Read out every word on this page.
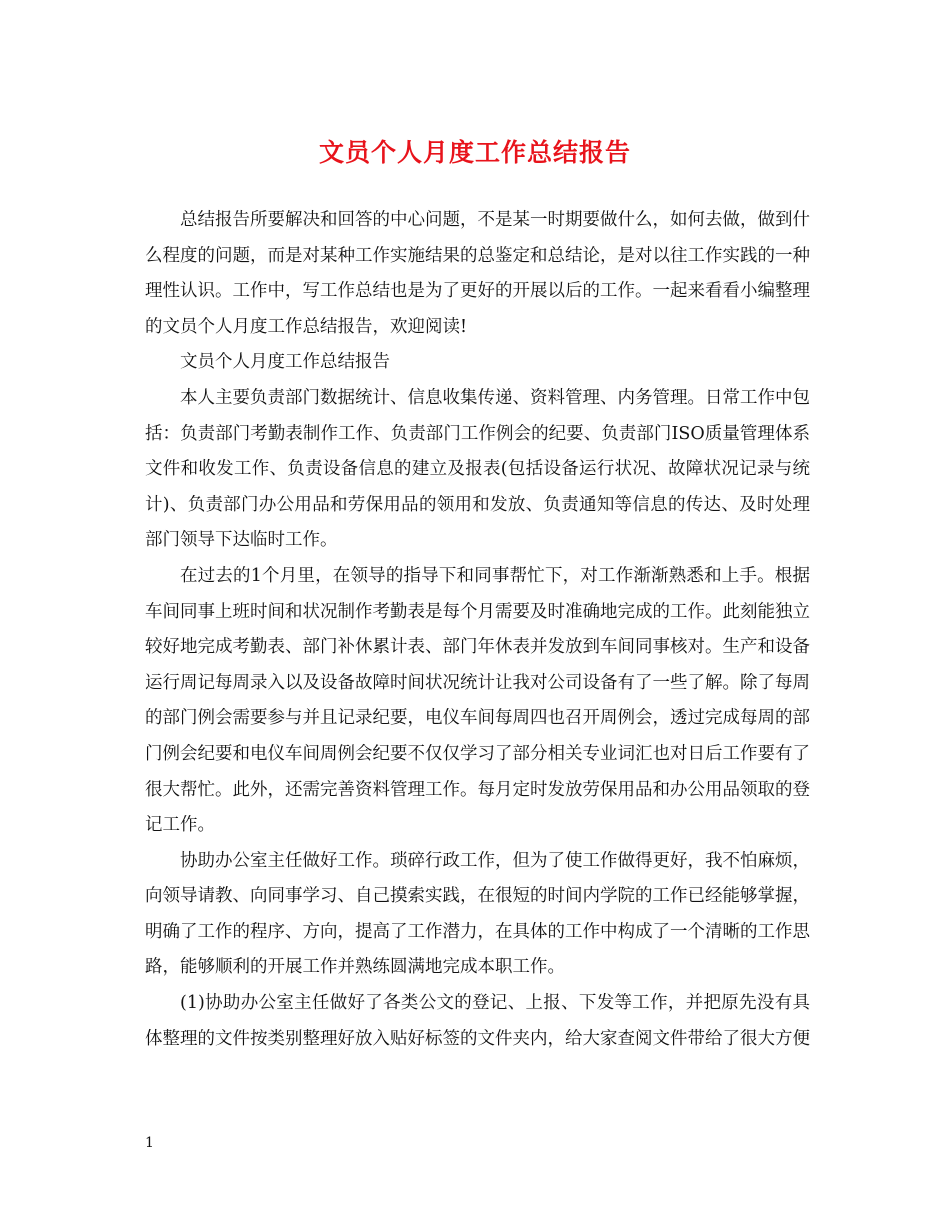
文员个人月度工作总结报告

总结报告所要解决和回答的中心问题，不是某一时期要做什么，如何去做，做到什么程度的问题，而是对某种工作实施结果的总鉴定和总结论，是对以往工作实践的一种理性认识。工作中，写工作总结也是为了更好的开展以后的工作。一起来看看小编整理的文员个人月度工作总结报告，欢迎阅读!

文员个人月度工作总结报告

本人主要负责部门数据统计、信息收集传递、资料管理、内务管理。日常工作中包括：负责部门考勤表制作工作、负责部门工作例会的纪要、负责部门ISO质量管理体系文件和收发工作、负责设备信息的建立及报表(包括设备运行状况、故障状况记录与统计)、负责部门办公用品和劳保用品的领用和发放、负责通知等信息的传达、及时处理部门领导下达临时工作。

在过去的1个月里，在领导的指导下和同事帮忙下，对工作渐渐熟悉和上手。根据车间同事上班时间和状况制作考勤表是每个月需要及时准确地完成的工作。此刻能独立较好地完成考勤表、部门补休累计表、部门年休表并发放到车间同事核对。生产和设备运行周记每周录入以及设备故障时间状况统计让我对公司设备有了一些了解。除了每周的部门例会需要参与并且记录纪要，电仪车间每周四也召开周例会，透过完成每周的部门例会纪要和电仪车间周例会纪要不仅仅学习了部分相关专业词汇也对日后工作要有了很大帮忙。此外，还需完善资料管理工作。每月定时发放劳保用品和办公用品领取的登记工作。

协助办公室主任做好工作。琐碎行政工作，但为了使工作做得更好，我不怕麻烦，向领导请教、向同事学习、自己摸索实践，在很短的时间内学院的工作已经能够掌握，明确了工作的程序、方向，提高了工作潜力，在具体的工作中构成了一个清晰的工作思路，能够顺利的开展工作并熟练圆满地完成本职工作。

(1)协助办公室主任做好了各类公文的登记、上报、下发等工作，并把原先没有具体整理的文件按类别整理好放入贴好标签的文件夹内，给大家查阅文件带给了很大方便

1
